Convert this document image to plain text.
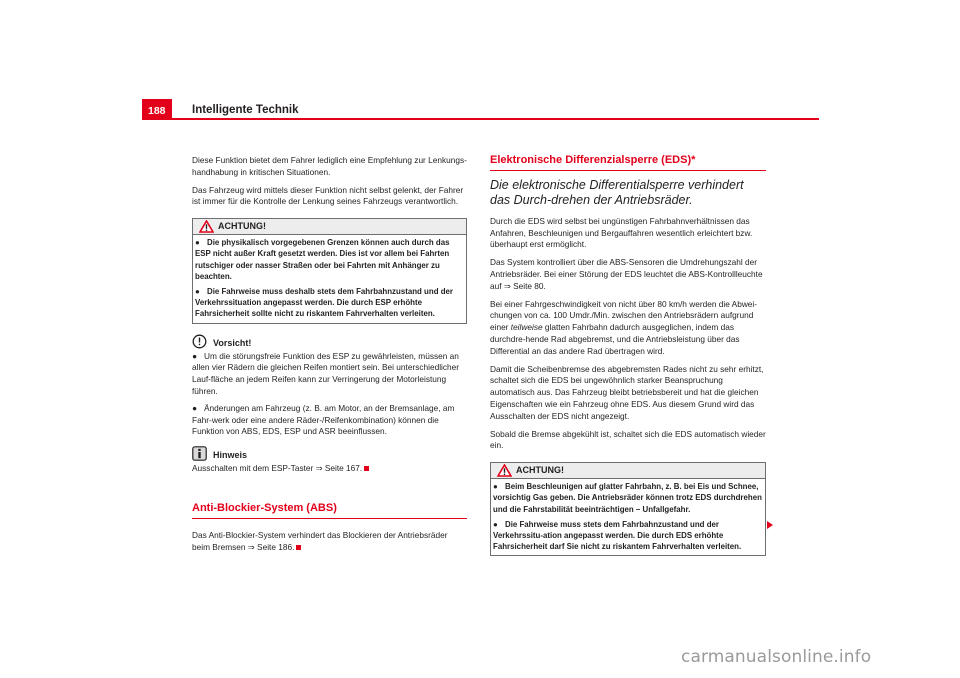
188 Intelligente Technik

Diese Funktion bietet dem Fahrer lediglich eine Empfehlung zur Lenkungs-handhabung in kritischen Situationen.

Das Fahrzeug wird mittels dieser Funktion nicht selbst gelenkt, der Fahrer ist immer für die Kontrolle der Lenkung seines Fahrzeugs verantwortlich.

ACHTUNG!
● Die physikalisch vorgegebenen Grenzen können auch durch das ESP nicht außer Kraft gesetzt werden. Dies ist vor allem bei Fahrten rutschiger oder nasser Straßen oder bei Fahrten mit Anhänger zu beachten.
● Die Fahrweise muss deshalb stets dem Fahrbahnzustand und der Verkehrssituation angepasst werden. Die durch ESP erhöhte Fahrsicherheit sollte nicht zu riskantem Fahrverhalten verleiten.
Vorsicht!
● Um die störungsfreie Funktion des ESP zu gewährleisten, müssen an allen vier Rädern die gleichen Reifen montiert sein. Bei unterschiedlicher Lauf-fläche an jedem Reifen kann zur Verringerung der Motorleistung führen.
● Änderungen am Fahrzeug (z. B. am Motor, an der Bremsanlage, am Fahr-werk oder eine andere Räder-/Reifenkombination) können die Funktion von ABS, EDS, ESP und ASR beeinflussen.
Hinweis
Ausschalten mit dem ESP-Taster ⇒ Seite 167.
Anti-Blockier-System (ABS)
Das Anti-Blockier-System verhindert das Blockieren der Antriebsräder beim Bremsen ⇒ Seite 186.
Elektronische Differenzialsperre (EDS)*
Die elektronische Differentialsperre verhindert das Durch-drehen der Antriebsräder.

Durch die EDS wird selbst bei ungünstigen Fahrbahnverhältnissen das Anfahren, Beschleunigen und Bergauffahren wesentlich erleichtert bzw. überhaupt erst ermöglicht.

Das System kontrolliert über die ABS-Sensoren die Umdrehungszahl der Antriebsräder. Bei einer Störung der EDS leuchtet die ABS-Kontrollleuchte auf ⇒ Seite 80.

Bei einer Fahrgeschwindigkeit von nicht über 80 km/h werden die Abwei-chungen von ca. 100 Umdr./Min. zwischen den Antriebsrädern aufgrund einer teilweise glatten Fahrbahn dadurch ausgeglichen, indem das durchdre-hende Rad abgebremst, und die Antriebsleistung über das Differential an das andere Rad übertragen wird.

Damit die Scheibenbremse des abgebremsten Rades nicht zu sehr erhitzt, schaltet sich die EDS bei ungewöhnlich starker Beanspruchung automatisch aus. Das Fahrzeug bleibt betriebsbereit und hat die gleichen Eigenschaften wie ein Fahrzeug ohne EDS. Aus diesem Grund wird das Ausschalten der EDS nicht angezeigt.

Sobald die Bremse abgekühlt ist, schaltet sich die EDS automatisch wieder ein.

ACHTUNG!
● Beim Beschleunigen auf glatter Fahrbahn, z. B. bei Eis und Schnee, vorsichtig Gas geben. Die Antriebsräder können trotz EDS durchdrehen und die Fahrstabilität beeinträchtigen – Unfallgefahr.
● Die Fahrweise muss stets dem Fahrbahnzustand und der Verkehrssitu-ation angepasst werden. Die durch EDS erhöhte Fahrsicherheit darf Sie nicht zu riskantem Fahrverhalten verleiten.
carmanualsonline.info
